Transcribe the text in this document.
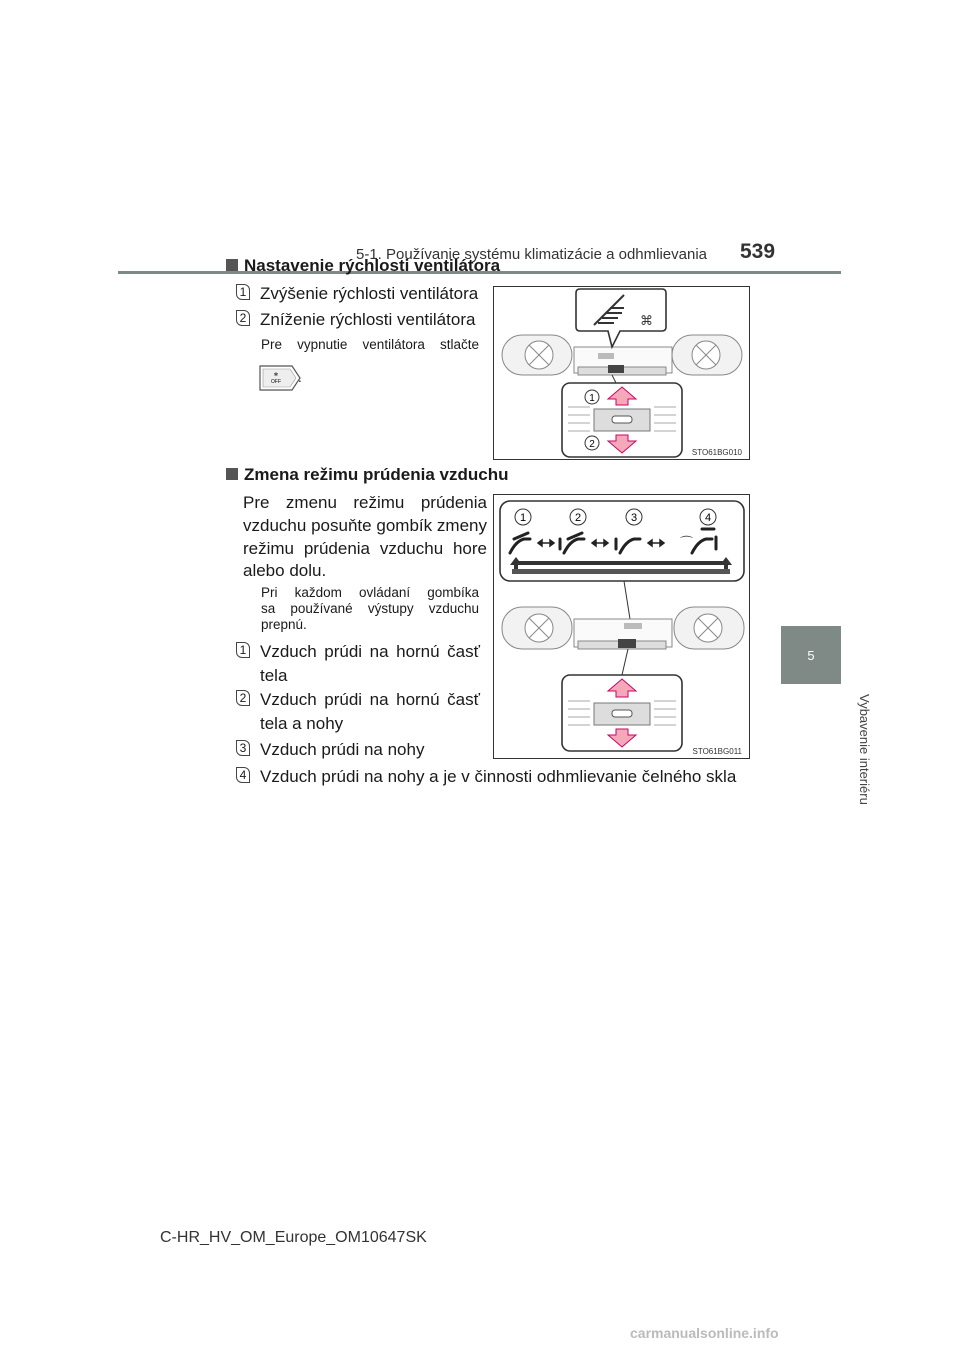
5-1. Používanie systému klimatizácie a odhmlievania 539
5
Vybavenie interiéru
Nastavenie rýchlosti ventilátora
1 Zvýšenie rýchlosti ventilátora
2 Zníženie rýchlosti ventilátora
Pre vypnutie ventilátora stlačte
✻
OFF .
⌘
1
2
STO61BG010
Zmena režimu prúdenia vzduchu
Pre zmenu režimu prúdenia
vzduchu posuňte gombík zmeny
režimu prúdenia vzduchu hore
alebo dolu.
Pri každom ovládaní gombíka
sa používané výstupy vzduchu
prepnú.
1 Vzduch prúdi na hornú časť
tela
2 Vzduch prúdi na hornú časť
tela a nohy
3 Vzduch prúdi na nohy
4 Vzduch prúdi na nohy a je v činnosti odhmlievanie čelného skla
1	2	3	4
⌒
STO61BG011
C-HR_HV_OM_Europe_OM10647SK
carmanualsonline.info
